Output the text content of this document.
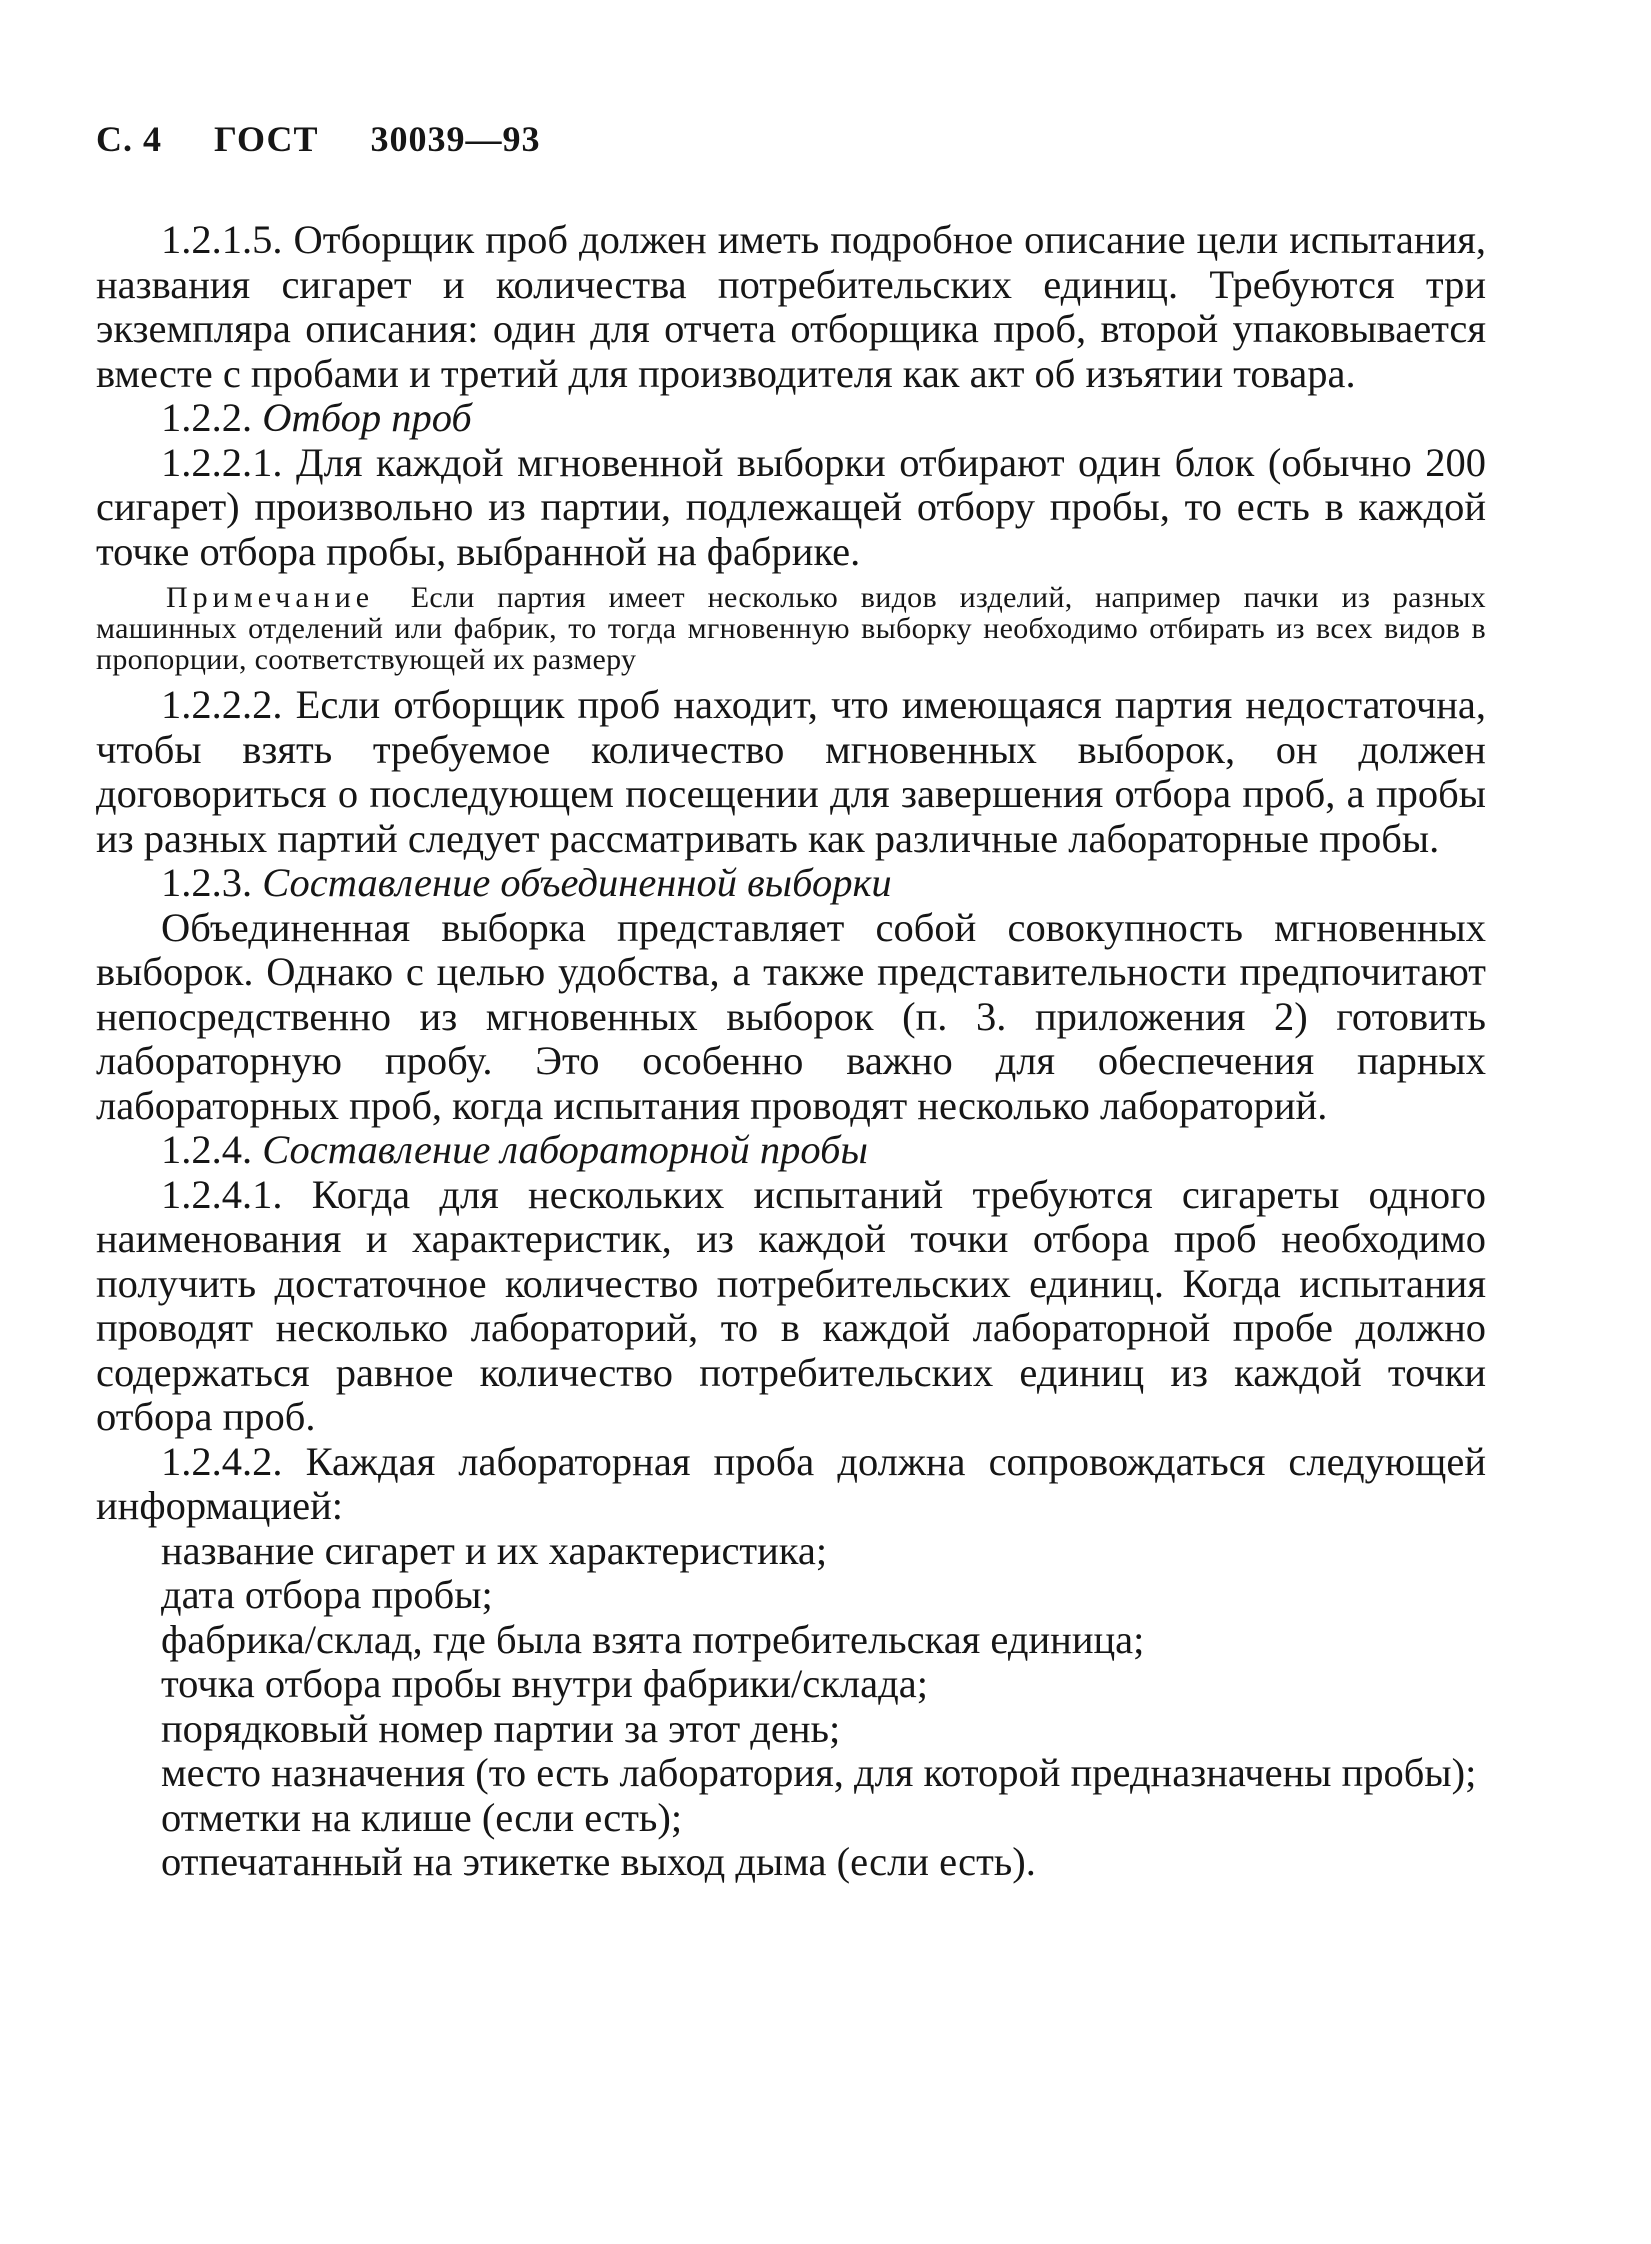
С. 4 ГОСТ 30039—93

1.2.1.5. Отборщик проб должен иметь подробное описание цели испытания, названия сигарет и количества потребительских единиц. Требуются три экземпляра описания: один для отчета отборщика проб, второй упаковывается вместе с пробами и третий для производителя как акт об изъятии товара.

1.2.2. Отбор проб

1.2.2.1. Для каждой мгновенной выборки отбирают один блок (обычно 200 сигарет) произвольно из партии, подлежащей отбору пробы, то есть в каждой точке отбора пробы, выбранной на фабрике.

Примечание Если партия имеет несколько видов изделий, например пачки из разных машинных отделений или фабрик, то тогда мгновенную выборку необходимо отбирать из всех видов в пропорции, соответствующей их размеру

1.2.2.2. Если отборщик проб находит, что имеющаяся партия недостаточна, чтобы взять требуемое количество мгновенных выборок, он должен договориться о последующем посещении для завершения отбора проб, а пробы из разных партий следует рассматривать как различные лабораторные пробы.

1.2.3. Составление объединенной выборки

Объединенная выборка представляет собой совокупность мгновенных выборок. Однако с целью удобства, а также представительности предпочитают непосредственно из мгновенных выборок (п. 3. приложения 2) готовить лабораторную пробу. Это особенно важно для обеспечения парных лабораторных проб, когда испытания проводят несколько лабораторий.

1.2.4. Составление лабораторной пробы

1.2.4.1. Когда для нескольких испытаний требуются сигареты одного наименования и характеристик, из каждой точки отбора проб необходимо получить достаточное количество потребительских единиц. Когда испытания проводят несколько лабораторий, то в каждой лабораторной пробе должно содержаться равное количество потребительских единиц из каждой точки отбора проб.

1.2.4.2. Каждая лабораторная проба должна сопровождаться следующей информацией:

название сигарет и их характеристика;

дата отбора пробы;

фабрика/склад, где была взята потребительская единица;

точка отбора пробы внутри фабрики/склада;

порядковый номер партии за этот день;

место назначения (то есть лаборатория, для которой предназначены пробы);

отметки на клише (если есть);

отпечатанный на этикетке выход дыма (если есть).
